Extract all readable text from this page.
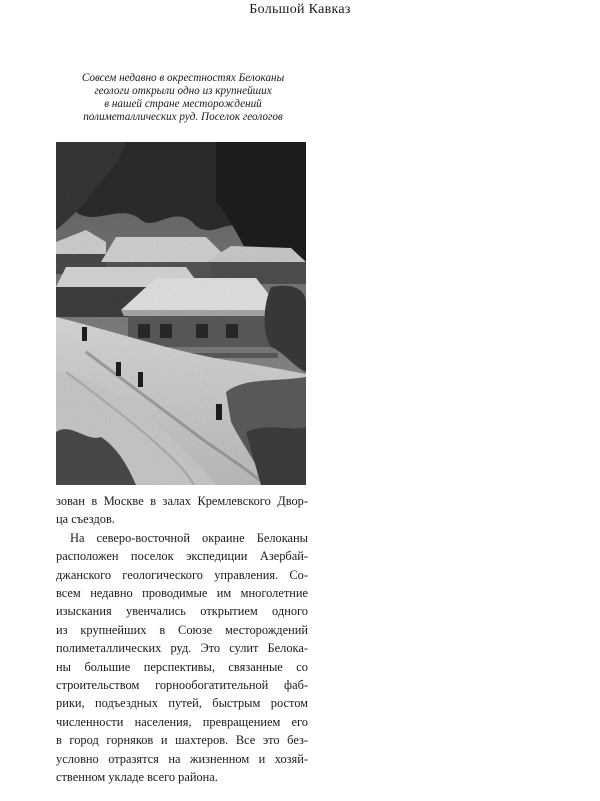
Большой Кавказ

Совсем недавно в окрестностях Белоканы
геологи открыли одно из крупнейших
в нашей стране месторождений
полиметаллических руд. Поселок геологов

зован в Москве в залах Кремлевского Двор-
ца съездов.
На северо-восточной окраине Белоканы
расположен поселок экспедиции Азербай-
джанского геологического управления. Со-
всем недавно проводимые им многолетние
изыскания увенчались открытием одного
из крупнейших в Союзе месторождений
полиметаллических руд. Это сулит Белока-
ны большие перспективы, связанные со
строительством горнообогатительной фаб-
рики, подъездных путей, быстрым ростом
численности населения, превращением его
в город горняков и шахтеров. Все это без-
условно отразятся на жизненном и хозяй-
ственном укладе всего района.
